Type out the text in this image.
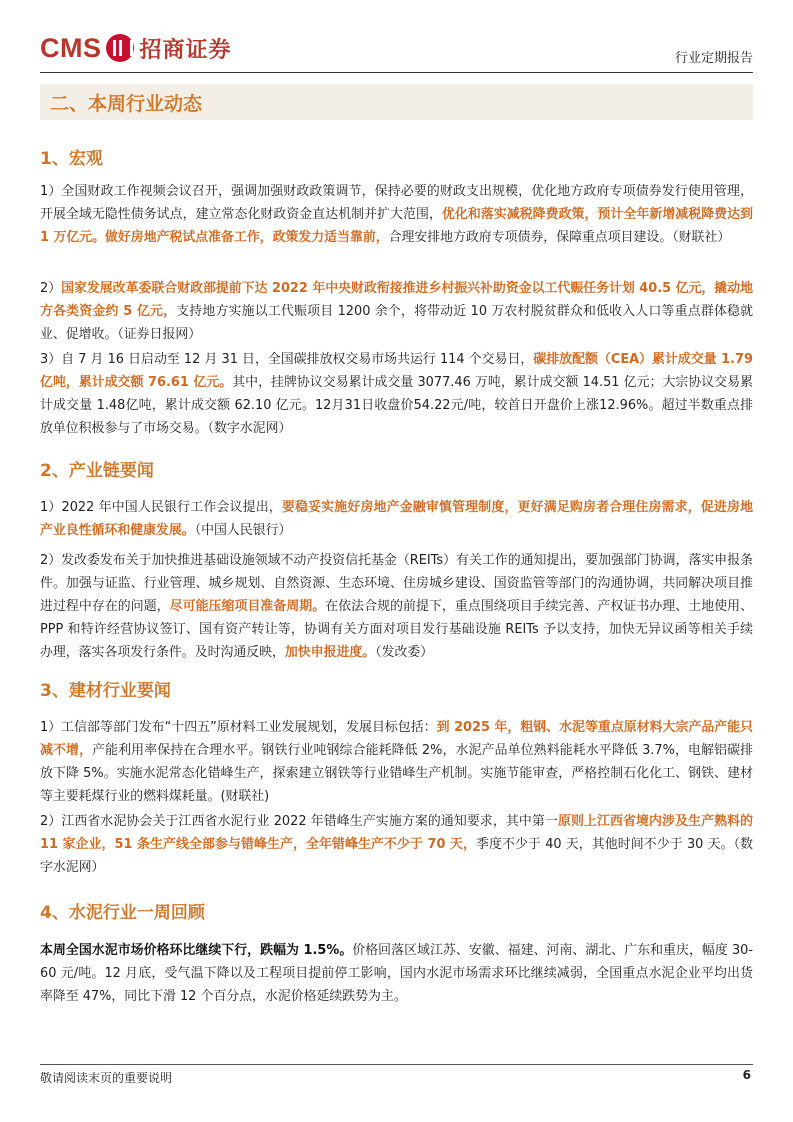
CMS 招商证券	行业定期报告
二、本周行业动态
1、宏观

1）全国财政工作视频会议召开，强调加强财政政策调节，保持必要的财政支出规模，优化地方政府专项债券发行使用管理，开展全域无隐性债务试点，建立常态化财政资金直达机制并扩大范围，优化和落实减税降费政策，预计全年新增减税降费达到 1 万亿元。做好房地产税试点准备工作，政策发力适当靠前，合理安排地方政府专项债券，保障重点项目建设。（财联社）

2）国家发展改革委联合财政部提前下达 2022 年中央财政衔接推进乡村振兴补助资金以工代赈任务计划 40.5 亿元，撬动地方各类资金约 5 亿元，支持地方实施以工代赈项目 1200 余个，将带动近 10 万农村脱贫群众和低收入人口等重点群体稳就业、促增收。（证券日报网）

3）自 7 月 16 日启动至 12 月 31 日，全国碳排放权交易市场共运行 114 个交易日，碳排放配额（CEA）累计成交量 1.79 亿吨，累计成交额 76.61 亿元。其中，挂牌协议交易累计成交量 3077.46 万吨，累计成交额 14.51 亿元；大宗协议交易累计成交量 1.48亿吨，累计成交额 62.10 亿元。12月31日收盘价54.22元/吨，较首日开盘价上涨12.96%。超过半数重点排放单位积极参与了市场交易。（数字水泥网）

2、产业链要闻

1）2022 年中国人民银行工作会议提出，要稳妥实施好房地产金融审慎管理制度，更好满足购房者合理住房需求，促进房地产业良性循环和健康发展。（中国人民银行）

2）发改委发布关于加快推进基础设施领域不动产投资信托基金（REITs）有关工作的通知提出，要加强部门协调，落实申报条件。加强与证监、行业管理、城乡规划、自然资源、生态环境、住房城乡建设、国资监管等部门的沟通协调，共同解决项目推进过程中存在的问题，尽可能压缩项目准备周期。在依法合规的前提下，重点围绕项目手续完善、产权证书办理、土地使用、PPP 和特许经营协议签订、国有资产转让等，协调有关方面对项目发行基础设施 REITs 予以支持，加快无异议函等相关手续办理，落实各项发行条件。及时沟通反映，加快申报进度。（发改委）

3、建材行业要闻

1）工信部等部门发布“十四五”原材料工业发展规划，发展目标包括：到 2025 年，粗钢、水泥等重点原材料大宗产品产能只减不增，产能利用率保持在合理水平。钢铁行业吨钢综合能耗降低 2%，水泥产品单位熟料能耗水平降低 3.7%，电解铝碳排放下降 5%。实施水泥常态化错峰生产，探索建立钢铁等行业错峰生产机制。实施节能审查，严格控制石化化工、钢铁、建材等主要耗煤行业的燃料煤耗量。(财联社)

2）江西省水泥协会关于江西省水泥行业 2022 年错峰生产实施方案的通知要求，其中第一原则上江西省境内涉及生产熟料的 11 家企业，51 条生产线全部参与错峰生产，全年错峰生产不少于 70 天，季度不少于 40 天，其他时间不少于 30 天。（数字水泥网）

4、水泥行业一周回顾

本周全国水泥市场价格环比继续下行，跌幅为 1.5%。价格回落区域江苏、安徽、福建、河南、湖北、广东和重庆，幅度 30-60 元/吨。12 月底，受气温下降以及工程项目提前停工影响，国内水泥市场需求环比继续减弱，全国重点水泥企业平均出货率降至 47%，同比下滑 12 个百分点，水泥价格延续跌势为主。

敬请阅读末页的重要说明	6
